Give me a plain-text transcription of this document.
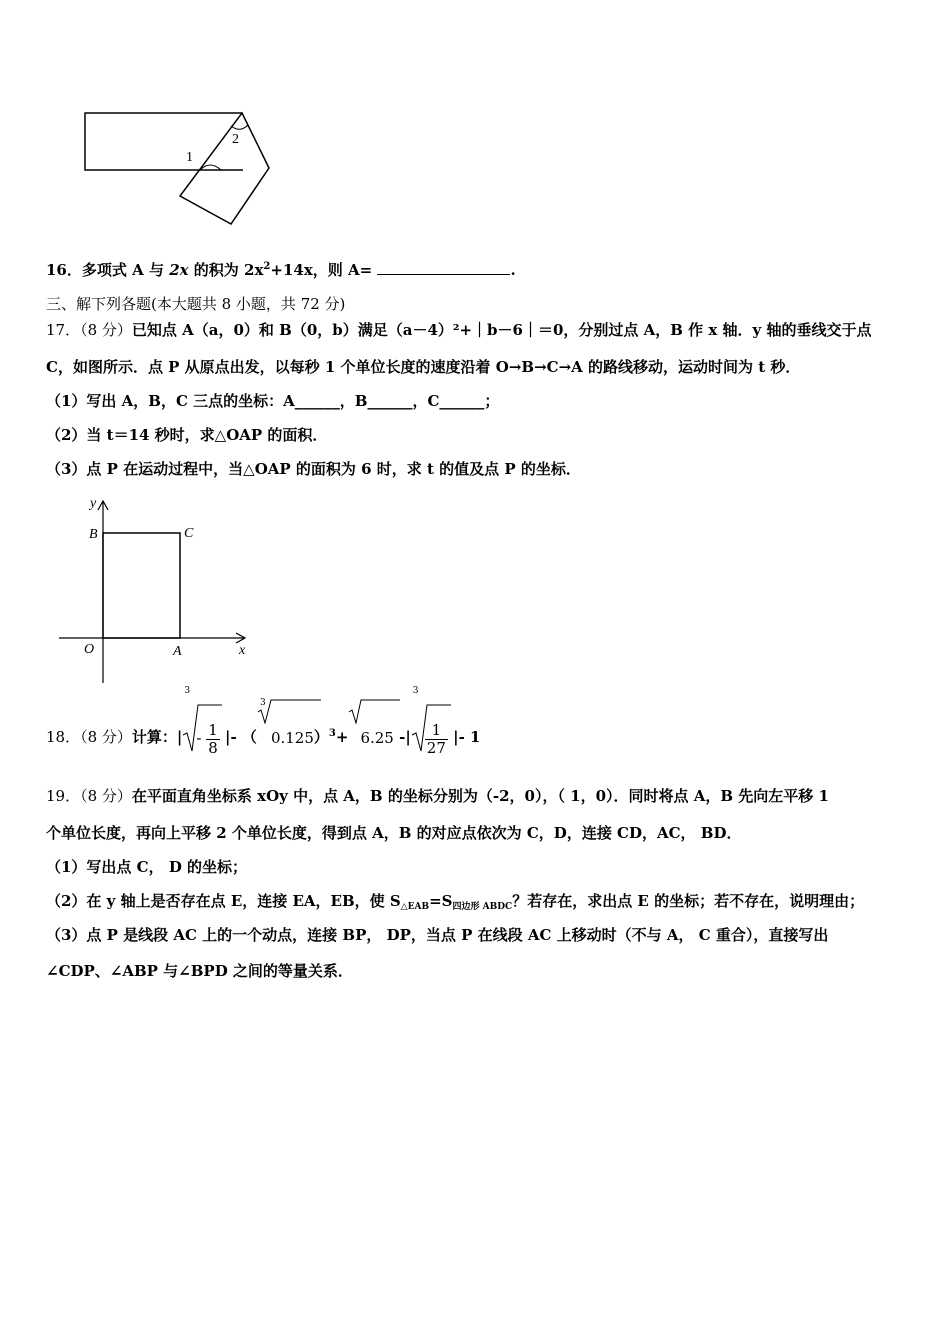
1
2
16．多项式 A 与 2x 的积为 $2x^2+14x$，则 A=	.
三、解下列各题(本大题共 8 小题，共 72 分)
17．（8 分）已知点 A（a，0）和 B（0，b）满足（a－4）²+｜b－6｜＝0，分别过点 A，B 作 x 轴．y 轴的垂线交于点
C，如图所示．点 P 从原点出发，以每秒 1 个单位长度的速度沿着 O→B→C→A 的路线移动，运动时间为 t 秒．
（1）写出 A，B，C 三点的坐标：A______，B______，C______；
（2）当 t＝14 秒时，求△OAP 的面积．
（3）点 P 在运动过程中，当△OAP 的面积为 6 时，求 t 的值及点 P 的坐标．
y
x
O	A
B	C
18．（8 分）计算：|
3
- $\frac{1}{8}$ |- （
3
0.125）$^3$+ 6.25 -|
3
$\frac{1}{27}$ |- 1
19．（8 分）在平面直角坐标系 xOy 中，点 A，B 的坐标分别为（-2，0），（ 1，0）．同时将点 A，B 先向左平移 1
个单位长度，再向上平移 2 个单位长度，得到点 A，B 的对应点依次为 C，D，连接 CD，AC， BD．
（1）写出点 C， D 的坐标；
（2）在 y 轴上是否存在点 E，连接 EA，EB，使 $S_{\triangle EAB}=S_{四边形 ABDC}$？若存在，求出点 E 的坐标；若不存在，说明理由；
（3）点 P 是线段 AC 上的一个动点，连接 BP， DP，当点 P 在线段 AC 上移动时（不与 A， C 重合），直接写出
∠CDP、∠ABP 与∠BPD 之间的等量关系．
